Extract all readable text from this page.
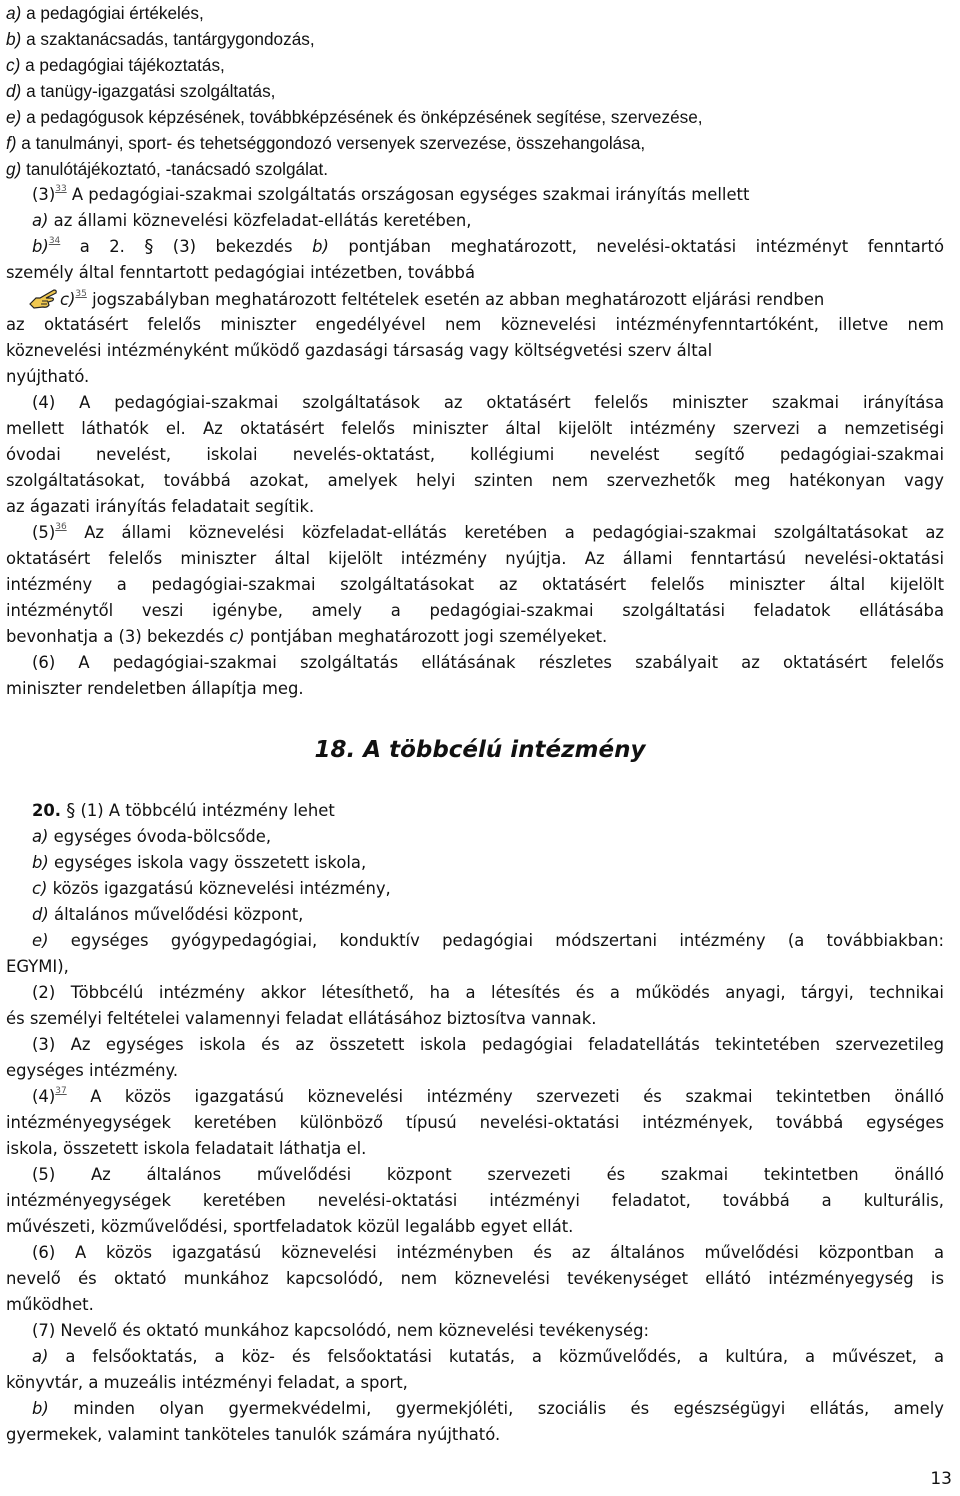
a) a pedagógiai értékelés,
b) a szaktanácsadás, tantárgygondozás,
c) a pedagógiai tájékoztatás,
d) a tanügy-igazgatási szolgáltatás,
e) a pedagógusok képzésének, továbbképzésének és önképzésének segítése, szervezése,
f) a tanulmányi, sport- és tehetséggondozó versenyek szervezése, összehangolása,
g) tanulótájékoztató, -tanácsadó szolgálat.
(3)$^{33}$ A pedagógiai-szakmai szolgáltatás országosan egységes szakmai irányítás mellett
a) az állami köznevelési közfeladat-ellátás keretében,
b)$^{34}$ a 2. § (3) bekezdés b) pontjában meghatározott, nevelési-oktatási intézményt fenntartó
személy által fenntartott pedagógiai intézetben, továbbá
c)$^{35}$ jogszabályban meghatározott feltételek esetén az abban meghatározott eljárási rendben
az oktatásért felelős miniszter engedélyével nem köznevelési intézményfenntartóként, illetve nem
köznevelési intézményként működő gazdasági társaság vagy költségvetési szerv által
nyújtható.
(4) A pedagógiai-szakmai szolgáltatások az oktatásért felelős miniszter szakmai irányítása
mellett láthatók el. Az oktatásért felelős miniszter által kijelölt intézmény szervezi a nemzetiségi
óvodai nevelést, iskolai nevelés-oktatást, kollégiumi nevelést segítő pedagógiai-szakmai
szolgáltatásokat, továbbá azokat, amelyek helyi szinten nem szervezhetők meg hatékonyan vagy
az ágazati irányítás feladatait segítik.
(5)$^{36}$ Az állami köznevelési közfeladat-ellátás keretében a pedagógiai-szakmai szolgáltatásokat az
oktatásért felelős miniszter által kijelölt intézmény nyújtja. Az állami fenntartású nevelési-oktatási
intézmény a pedagógiai-szakmai szolgáltatásokat az oktatásért felelős miniszter által kijelölt
intézménytől veszi igénybe, amely a pedagógiai-szakmai szolgáltatási feladatok ellátásába
bevonhatja a (3) bekezdés c) pontjában meghatározott jogi személyeket.
(6) A pedagógiai-szakmai szolgáltatás ellátásának részletes szabályait az oktatásért felelős
miniszter rendeletben állapítja meg.
18. A többcélú intézmény
20. § (1) A többcélú intézmény lehet
a) egységes óvoda-bölcsőde,
b) egységes iskola vagy összetett iskola,
c) közös igazgatású köznevelési intézmény,
d) általános művelődési központ,
e) egységes gyógypedagógiai, konduktív pedagógiai módszertani intézmény (a továbbiakban:
EGYMI),
(2) Többcélú intézmény akkor létesíthető, ha a létesítés és a működés anyagi, tárgyi, technikai
és személyi feltételei valamennyi feladat ellátásához biztosítva vannak.
(3) Az egységes iskola és az összetett iskola pedagógiai feladatellátás tekintetében szervezetileg
egységes intézmény.
(4)$^{37}$ A közös igazgatású köznevelési intézmény szervezeti és szakmai tekintetben önálló
intézményegységek keretében különböző típusú nevelési-oktatási intézmények, továbbá egységes
iskola, összetett iskola feladatait láthatja el.
(5) Az általános művelődési központ szervezeti és szakmai tekintetben önálló
intézményegységek keretében nevelési-oktatási intézményi feladatot, továbbá a kulturális,
művészeti, közművelődési, sportfeladatok közül legalább egyet ellát.
(6) A közös igazgatású köznevelési intézményben és az általános művelődési központban a
nevelő és oktató munkához kapcsolódó, nem köznevelési tevékenységet ellátó intézményegység is
működhet.
(7) Nevelő és oktató munkához kapcsolódó, nem köznevelési tevékenység:
a) a felsőoktatás, a köz- és felsőoktatási kutatás, a közművelődés, a kultúra, a művészet, a
könyvtár, a muzeális intézményi feladat, a sport,
b) minden olyan gyermekvédelmi, gyermekjóléti, szociális és egészségügyi ellátás, amely
gyermekek, valamint tanköteles tanulók számára nyújtható.
13
